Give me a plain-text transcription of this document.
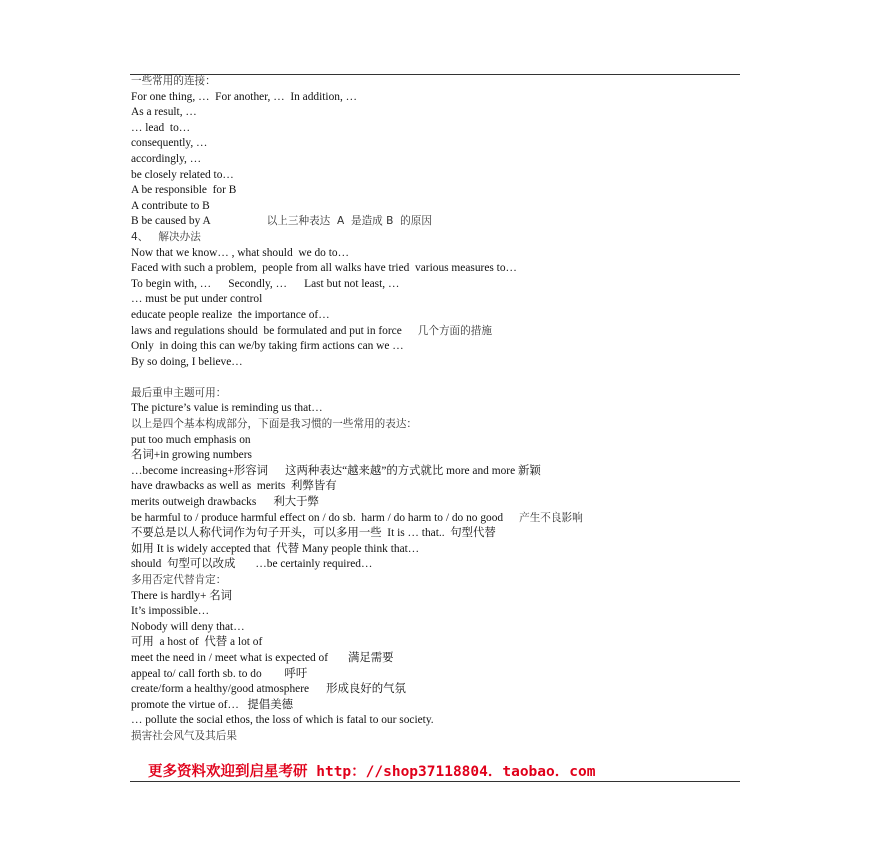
一些常用的连接：
For one thing, …  For another, …  In addition, …
As a result, …
… lead  to…
consequently, …
accordingly, …
be closely related to…
A be responsible  for B
A contribute to B
B be caused by A	以上三种表达  A  是造成 B  的原因
4、   解决办法
Now that we know… , what should  we do to…
Faced with such a problem,  people from all walks have tried  various measures to…
To begin with, …      Secondly, …      Last but not least, …
… must be put under control
educate people realize  the importance of…
laws and regulations should  be formulated and put in force 几个方面的措施
Only  in doing this can we/by taking firm actions can we …
By so doing, I believe…
最后重申主题可用：
The picture’s value is reminding us that…
以上是四个基本构成部分，下面是我习惯的一些常用的表达：
put too much emphasis on
名词+in growing numbers
…become increasing+形容词      这两种表达“越来越”的方式就比 more and more 新颖
have drawbacks as well as  merits  利弊皆有
merits outweigh drawbacks      利大于弊
be harmful to / produce harmful effect on / do sb.  harm / do harm to / do no good 产生不良影响
不要总是以人称代词作为句子开头，可以多用一些  It is … that..  句型代替
如用 It is widely accepted that  代替 Many people think that…
should  句型可以改成       …be certainly required…
多用否定代替肯定：
There is hardly+ 名词
It’s impossible…
Nobody will deny that…
可用  a host of  代替 a lot of
meet the need in / meet what is expected of       满足需要
appeal to/ call forth sb. to do        呼吁
create/form a healthy/good atmosphere      形成良好的气氛
promote the virtue of…   提倡美德
… pollute the social ethos, the loss of which is fatal to our society.
损害社会风气及其后果
更多资料欢迎到启星考研 http：//shop37118804．taobao．com
